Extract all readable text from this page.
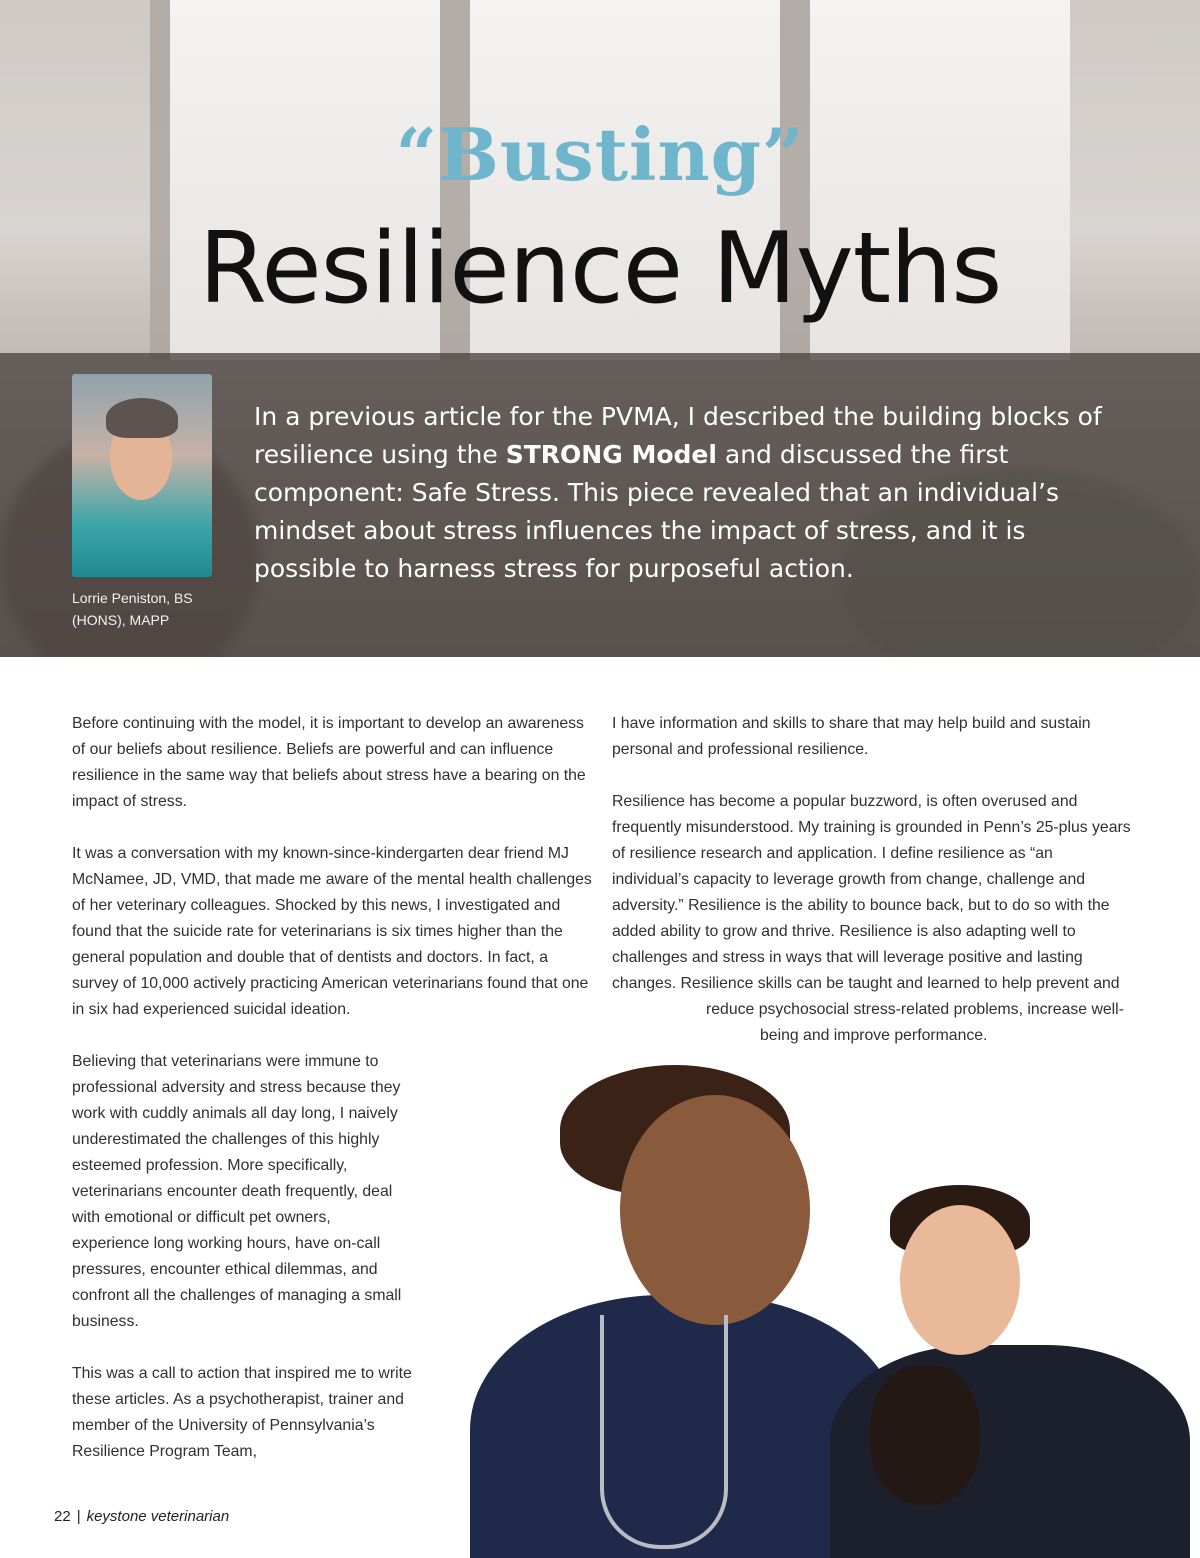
“Busting”
Resilience Myths
Lorrie Peniston, BS (HONS), MAPP
In a previous article for the PVMA, I described the building blocks of resilience using the STRONG Model and discussed the first component: Safe Stress. This piece revealed that an individual’s mindset about stress influences the impact of stress, and it is possible to harness stress for purposeful action.

Before continuing with the model, it is important to develop an awareness of our beliefs about resilience. Beliefs are powerful and can influence resilience in the same way that beliefs about stress have a bearing on the impact of stress.

It was a conversation with my known-since-kindergarten dear friend MJ McNamee, JD, VMD, that made me aware of the mental health challenges of her veterinary colleagues. Shocked by this news, I investigated and found that the suicide rate for veterinarians is six times higher than the general population and double that of dentists and doctors. In fact, a survey of 10,000 actively practicing American veterinarians found that one in six had experienced suicidal ideation.

Believing that veterinarians were immune to professional adversity and stress because they work with cuddly animals all day long, I naively underestimated the challenges of this highly esteemed profession. More specifically, veterinarians encounter death frequently, deal with emotional or difficult pet owners, experience long working hours, have on-call pressures, encounter ethical dilemmas, and confront all the challenges of managing a small business.

This was a call to action that inspired me to write these articles. As a psychotherapist, trainer and member of the University of Pennsylvania’s Resilience Program Team,

I have information and skills to share that may help build and sustain personal and professional resilience.

Resilience has become a popular buzzword, is often overused and frequently misunderstood. My training is grounded in Penn’s 25-plus years of resilience research and application. I define resilience as “an individual’s capacity to leverage growth from change, challenge and adversity.” Resilience is the ability to bounce back, but to do so with the added ability to grow and thrive. Resilience is also adapting well to challenges and stress in ways that will leverage positive and lasting changes. Resilience skills can be taught and learned to help prevent and
reduce psychosocial stress-related problems, increase well-
being and improve performance.
22 | keystone veterinarian
